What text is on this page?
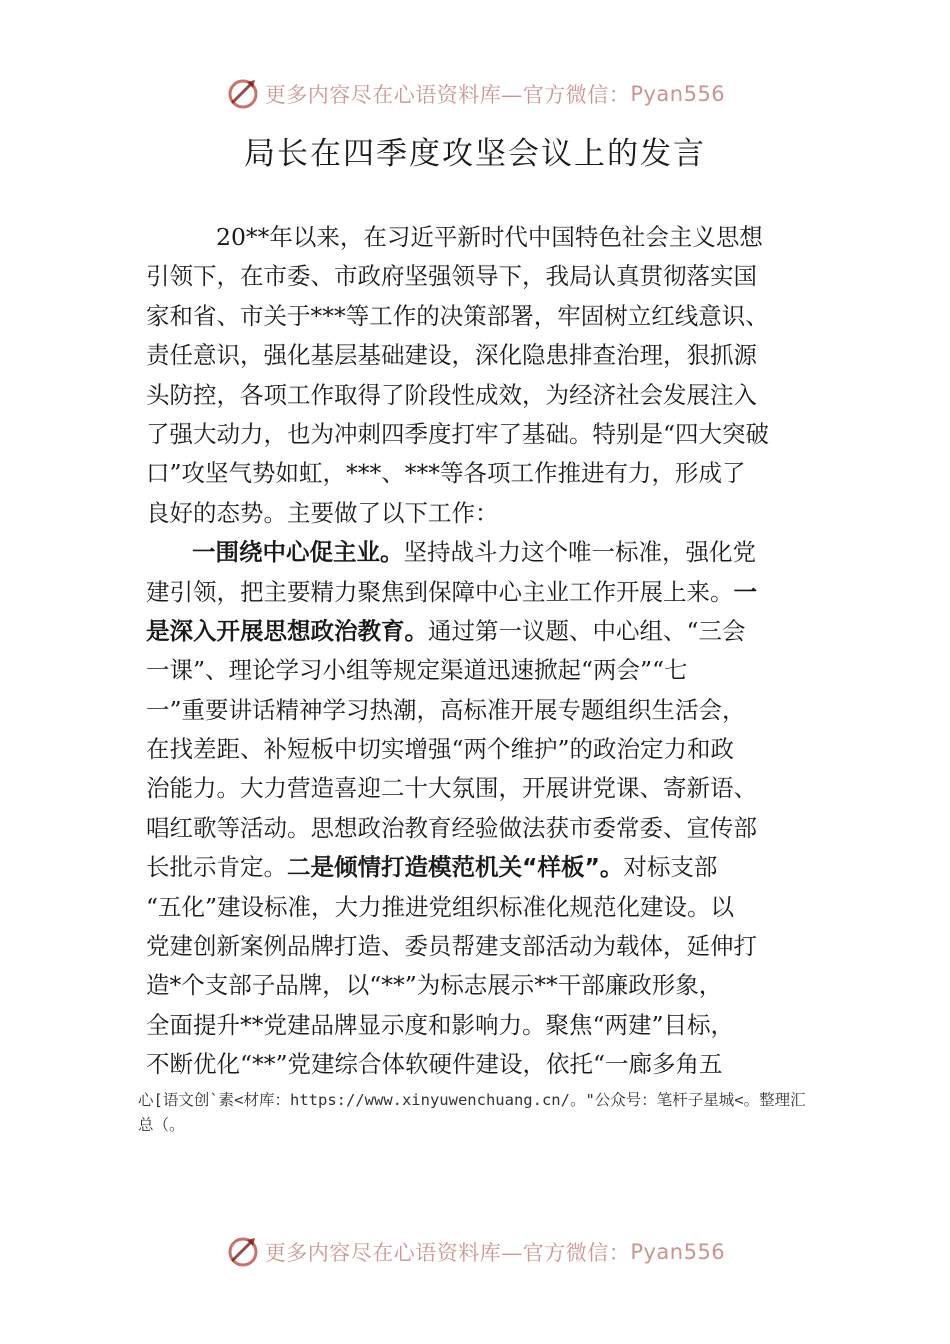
更多内容尽在心语资料库—官方微信： Pyan556
局长在四季度攻坚会议上的发言
20**年以来，在习近平新时代中国特色社会主义思想
引领下，在市委、市政府坚强领导下，我局认真贯彻落实国
家和省、市关于***等工作的决策部署，牢固树立红线意识、
责任意识，强化基层基础建设，深化隐患排查治理，狠抓源
头防控，各项工作取得了阶段性成效，为经济社会发展注入
了强大动力，也为冲刺四季度打牢了基础。特别是“四大突破
口”攻坚气势如虹，***、***等各项工作推进有力，形成了
良好的态势。主要做了以下工作：
一围绕中心促主业。坚持战斗力这个唯一标准，强化党
建引领，把主要精力聚焦到保障中心主业工作开展上来。一
是深入开展思想政治教育。通过第一议题、中心组、“三会
一课”、理论学习小组等规定渠道迅速掀起“两会”“七
一”重要讲话精神学习热潮，高标准开展专题组织生活会，
在找差距、补短板中切实增强“两个维护”的政治定力和政
治能力。大力营造喜迎二十大氛围，开展讲党课、寄新语、
唱红歌等活动。思想政治教育经验做法获市委常委、宣传部
长批示肯定。二是倾情打造模范机关“样板”。对标支部
“五化”建设标准，大力推进党组织标准化规范化建设。以
党建创新案例品牌打造、委员帮建支部活动为载体，延伸打
造*个支部子品牌，以“**”为标志展示**干部廉政形象，
全面提升**党建品牌显示度和影响力。聚焦“两建”目标，
不断优化“**”党建综合体软硬件建设，依托“一廊多角五
心[语文创`素<材库：https://www.xinyuwenchuang.cn/。"公众号：笔杆子星城<。整理汇
总（。
更多内容尽在心语资料库—官方微信： Pyan556
